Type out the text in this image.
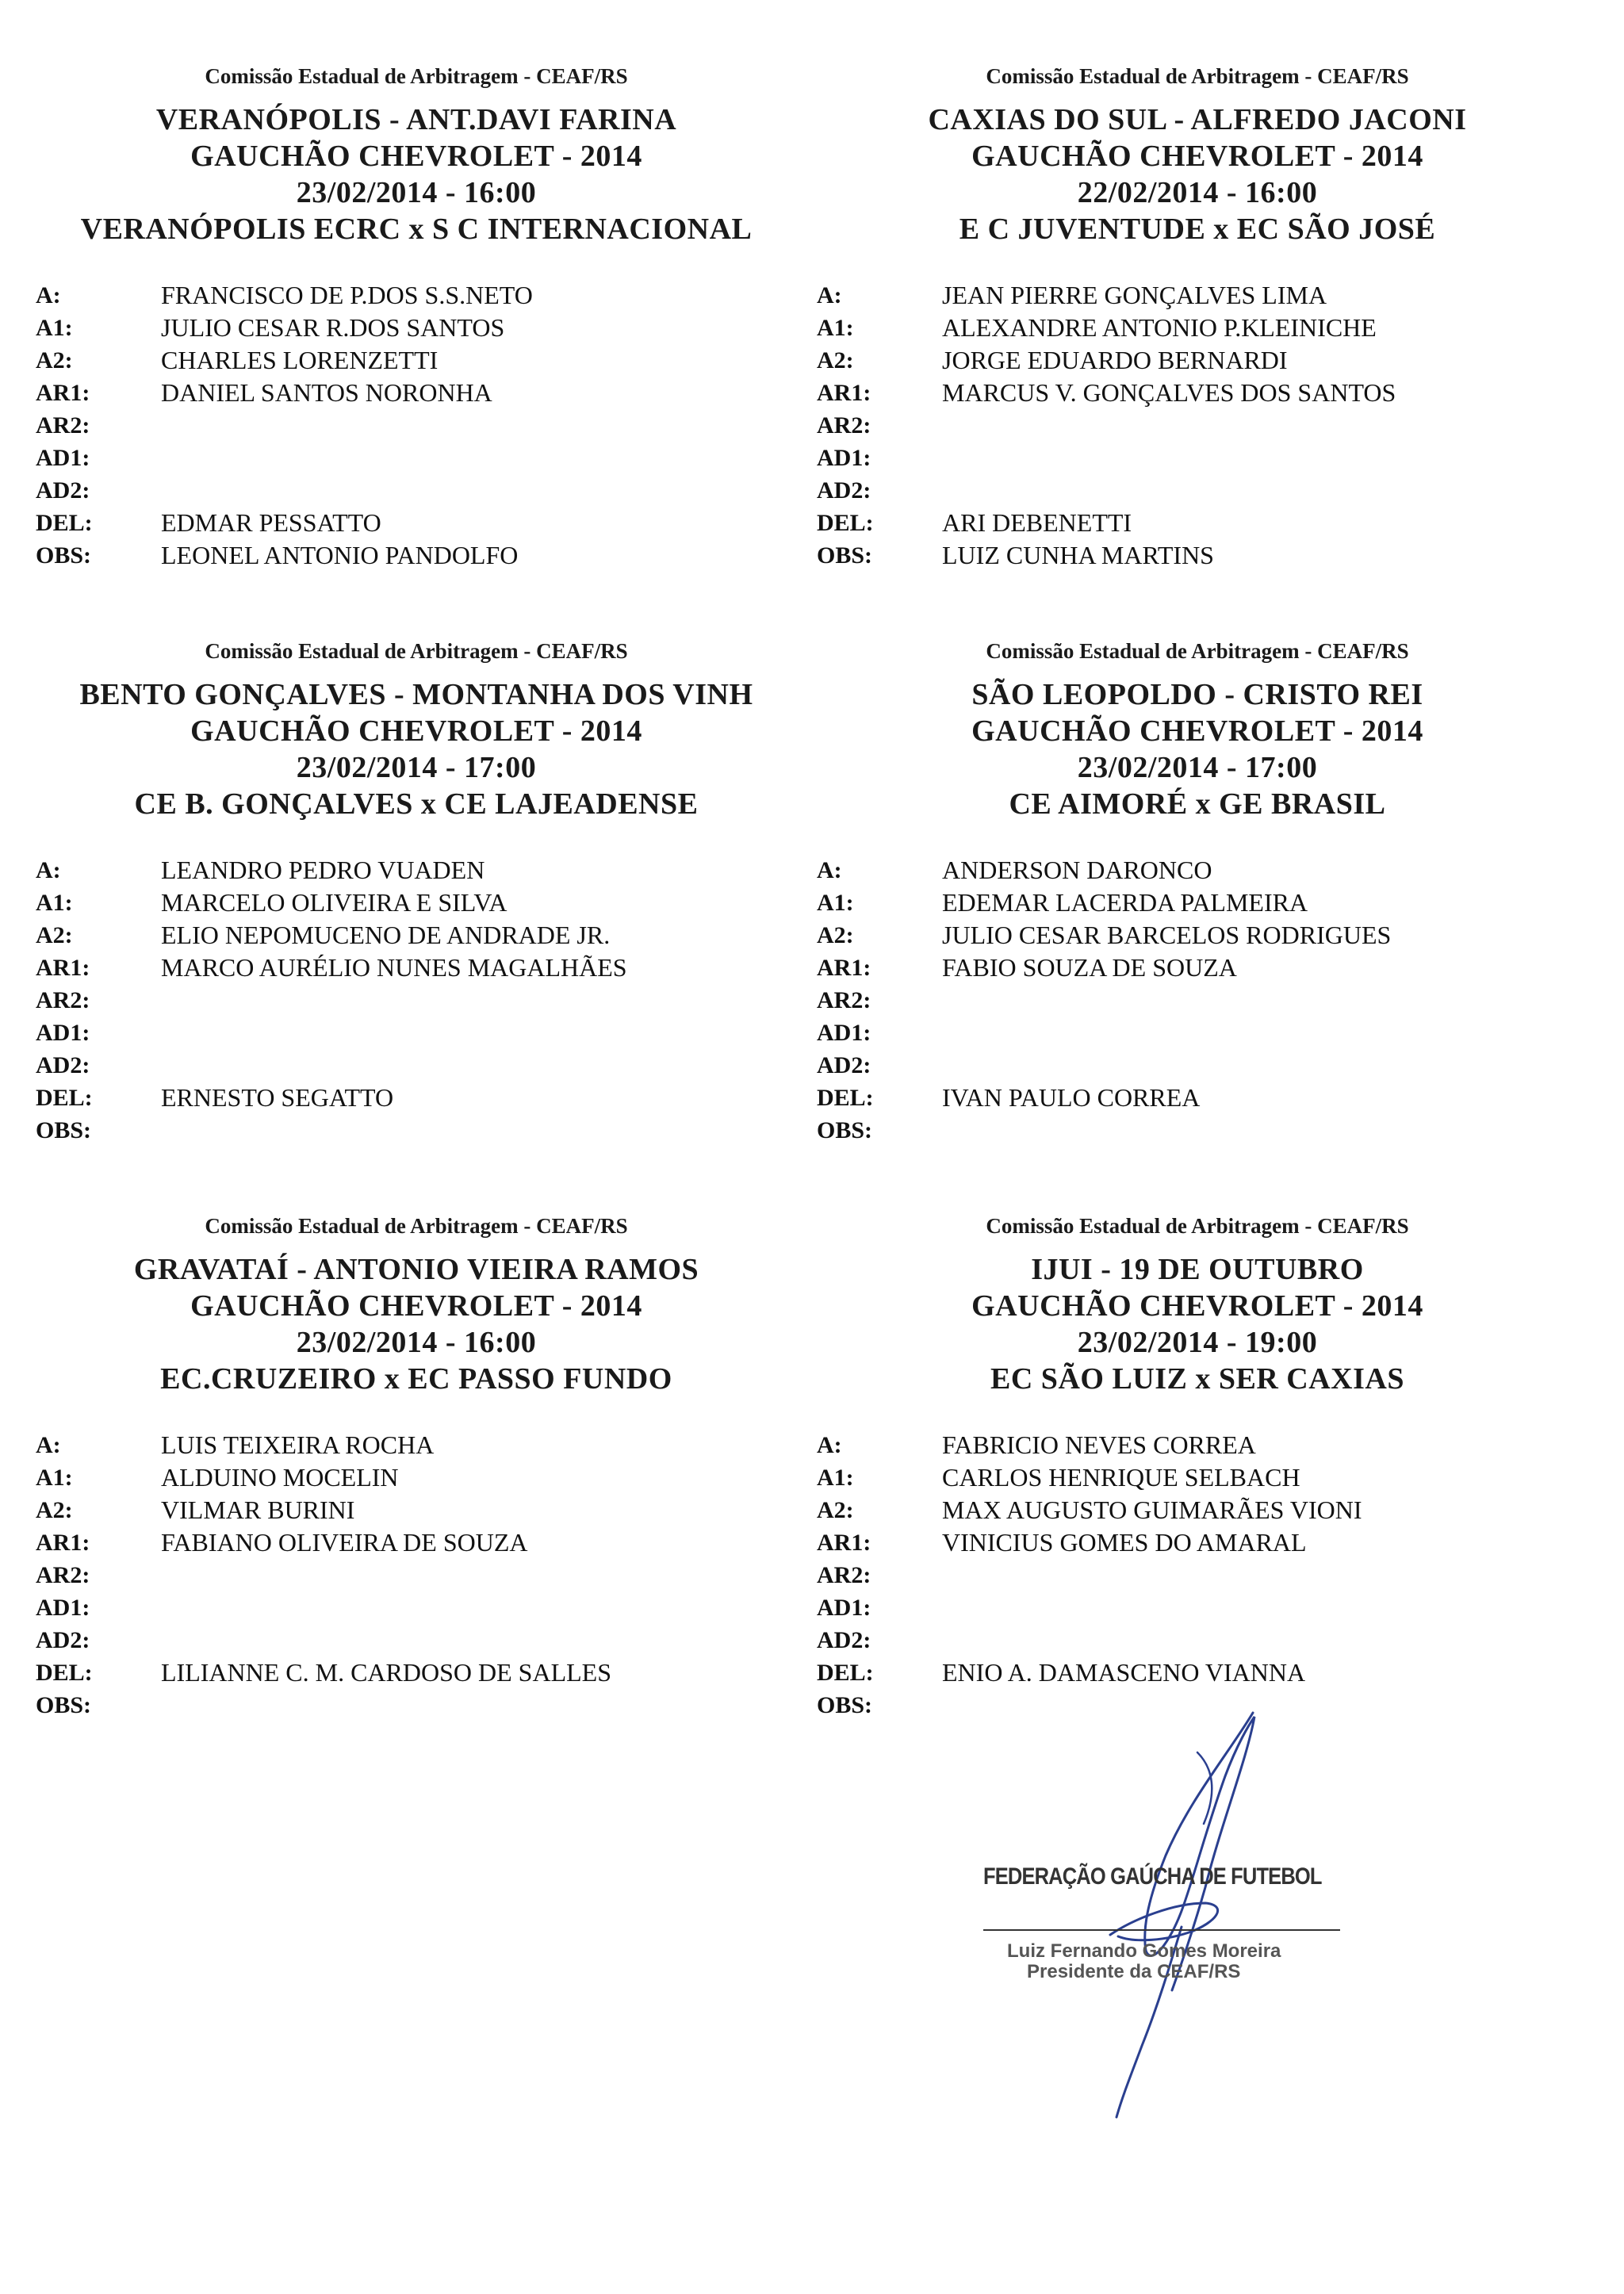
Comissão Estadual de Arbitragem - CEAF/RS
VERANÓPOLIS - ANT.DAVI FARINA
GAUCHÃO CHEVROLET - 2014
23/02/2014 - 16:00
VERANÓPOLIS ECRC x S C INTERNACIONAL
A:	FRANCISCO DE P.DOS S.S.NETO
A1:	JULIO CESAR R.DOS SANTOS
A2:	CHARLES LORENZETTI
AR1:	DANIEL SANTOS NORONHA
AR2:
AD1:
AD2:
DEL:	EDMAR PESSATTO
OBS:	LEONEL ANTONIO PANDOLFO
Comissão Estadual de Arbitragem - CEAF/RS
CAXIAS DO SUL - ALFREDO JACONI
GAUCHÃO CHEVROLET - 2014
22/02/2014 - 16:00
E C JUVENTUDE x EC SÃO JOSÉ
A:	JEAN PIERRE GONÇALVES LIMA
A1:	ALEXANDRE ANTONIO P.KLEINICHE
A2:	JORGE EDUARDO BERNARDI
AR1:	MARCUS V. GONÇALVES DOS SANTOS
AR2:
AD1:
AD2:
DEL:	ARI DEBENETTI
OBS:	LUIZ CUNHA MARTINS
Comissão Estadual de Arbitragem - CEAF/RS
BENTO GONÇALVES - MONTANHA DOS VINH
GAUCHÃO CHEVROLET - 2014
23/02/2014 - 17:00
CE B. GONÇALVES x CE LAJEADENSE
A:	LEANDRO PEDRO VUADEN
A1:	MARCELO OLIVEIRA E SILVA
A2:	ELIO NEPOMUCENO DE ANDRADE JR.
AR1:	MARCO AURÉLIO NUNES MAGALHÃES
AR2:
AD1:
AD2:
DEL:	ERNESTO SEGATTO
OBS:
Comissão Estadual de Arbitragem - CEAF/RS
SÃO LEOPOLDO - CRISTO REI
GAUCHÃO CHEVROLET - 2014
23/02/2014 - 17:00
CE AIMORÉ x GE BRASIL
A:	ANDERSON DARONCO
A1:	EDEMAR LACERDA PALMEIRA
A2:	JULIO CESAR BARCELOS RODRIGUES
AR1:	FABIO SOUZA DE SOUZA
AR2:
AD1:
AD2:
DEL:	IVAN PAULO CORREA
OBS:
Comissão Estadual de Arbitragem - CEAF/RS
GRAVATAÍ - ANTONIO VIEIRA RAMOS
GAUCHÃO CHEVROLET - 2014
23/02/2014 - 16:00
EC.CRUZEIRO x EC PASSO FUNDO
A:	LUIS TEIXEIRA ROCHA
A1:	ALDUINO MOCELIN
A2:	VILMAR BURINI
AR1:	FABIANO OLIVEIRA DE SOUZA
AR2:
AD1:
AD2:
DEL:	LILIANNE C. M. CARDOSO DE SALLES
OBS:
Comissão Estadual de Arbitragem - CEAF/RS
IJUI - 19 DE OUTUBRO
GAUCHÃO CHEVROLET - 2014
23/02/2014 - 19:00
EC SÃO LUIZ x SER CAXIAS
A:	FABRICIO NEVES CORREA
A1:	CARLOS HENRIQUE SELBACH
A2:	MAX AUGUSTO GUIMARÃES VIONI
AR1:	VINICIUS GOMES DO AMARAL
AR2:
AD1:
AD2:
DEL:	ENIO A. DAMASCENO VIANNA
OBS:
FEDERAÇÃO GAÚCHA DE FUTEBOL
Luiz Fernando Gomes Moreira
Presidente da CEAF/RS
